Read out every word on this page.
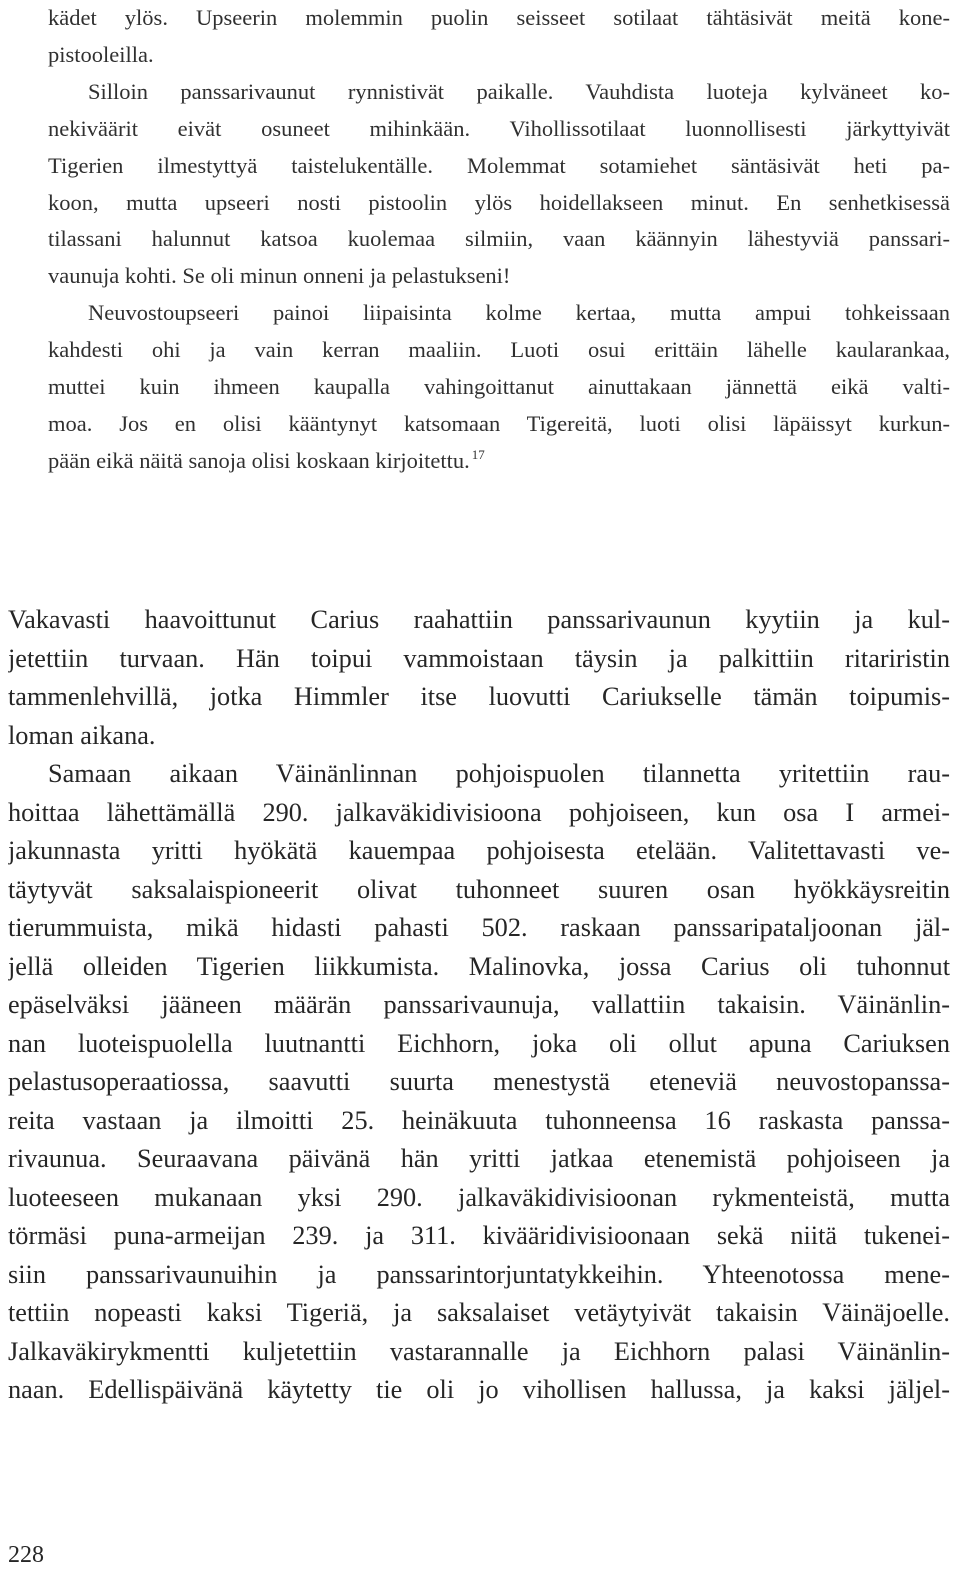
kädet ylös. Upseerin molemmin puolin seisseet sotilaat tähtäsivät meitä kone-
pistooleilla.
Silloin panssarivaunut rynnistivät paikalle. Vauhdista luoteja kylväneet ko-
nekiväärit eivät osuneet mihinkään. Vihollissotilaat luonnollisesti järkyttyivät
Tigerien ilmestyttyä taistelukentälle. Molemmat sotamiehet säntäsivät heti pa-
koon, mutta upseeri nosti pistoolin ylös hoidellakseen minut. En senhetkisessä
tilassani halunnut katsoa kuolemaa silmiin, vaan käännyin lähestyviä panssari-
vaunuja kohti. Se oli minun onneni ja pelastukseni!
Neuvostoupseeri painoi liipaisinta kolme kertaa, mutta ampui tohkeissaan
kahdesti ohi ja vain kerran maaliin. Luoti osui erittäin lähelle kaularankaa,
muttei kuin ihmeen kaupalla vahingoittanut ainuttakaan jännettä eikä valti-
moa. Jos en olisi kääntynyt katsomaan Tigereitä, luoti olisi läpäissyt kurkun-
pään eikä näitä sanoja olisi koskaan kirjoitettu. $^{17}$
Vakavasti haavoittunut Carius raahattiin panssarivaunun kyytiin ja kul-
jetettiin turvaan. Hän toipui vammoistaan täysin ja palkittiin ritariristin
tammenlehvillä, jotka Himmler itse luovutti Cariukselle tämän toipumis-
loman aikana.
Samaan aikaan Väinänlinnan pohjoispuolen tilannetta yritettiin rau-
hoittaa lähettämällä 290. jalkaväkidivisioona pohjoiseen, kun osa I armei-
jakunnasta yritti hyökätä kauempaa pohjoisesta etelään. Valitettavasti ve-
täytyvät saksalaispioneerit olivat tuhonneet suuren osan hyökkäysreitin
tierummuista, mikä hidasti pahasti 502. raskaan panssaripataljoonan jäl-
jellä olleiden Tigerien liikkumista. Malinovka, jossa Carius oli tuhonnut
epäselväksi jääneen määrän panssarivaunuja, vallattiin takaisin. Väinänlin-
nan luoteispuolella luutnantti Eichhorn, joka oli ollut apuna Cariuksen
pelastusoperaatiossa, saavutti suurta menestystä eteneviä neuvostopanssa-
reita vastaan ja ilmoitti 25. heinäkuuta tuhonneensa 16 raskasta panssa-
rivaunua. Seuraavana päivänä hän yritti jatkaa etenemistä pohjoiseen ja
luoteeseen mukanaan yksi 290. jalkaväkidivisioonan rykmenteistä, mutta
törmäsi puna-armeijan 239. ja 311. kivääridivisioonaan sekä niitä tukenei-
siin panssarivaunuihin ja panssarintorjuntatykkeihin. Yhteenotossa mene-
tettiin nopeasti kaksi Tigeriä, ja saksalaiset vetäytyivät takaisin Väinäjoelle.
Jalkaväkirykmentti kuljetettiin vastarannalle ja Eichhorn palasi Väinänlin-
naan. Edellispäivänä käytetty tie oli jo vihollisen hallussa, ja kaksi jäljel-
228
